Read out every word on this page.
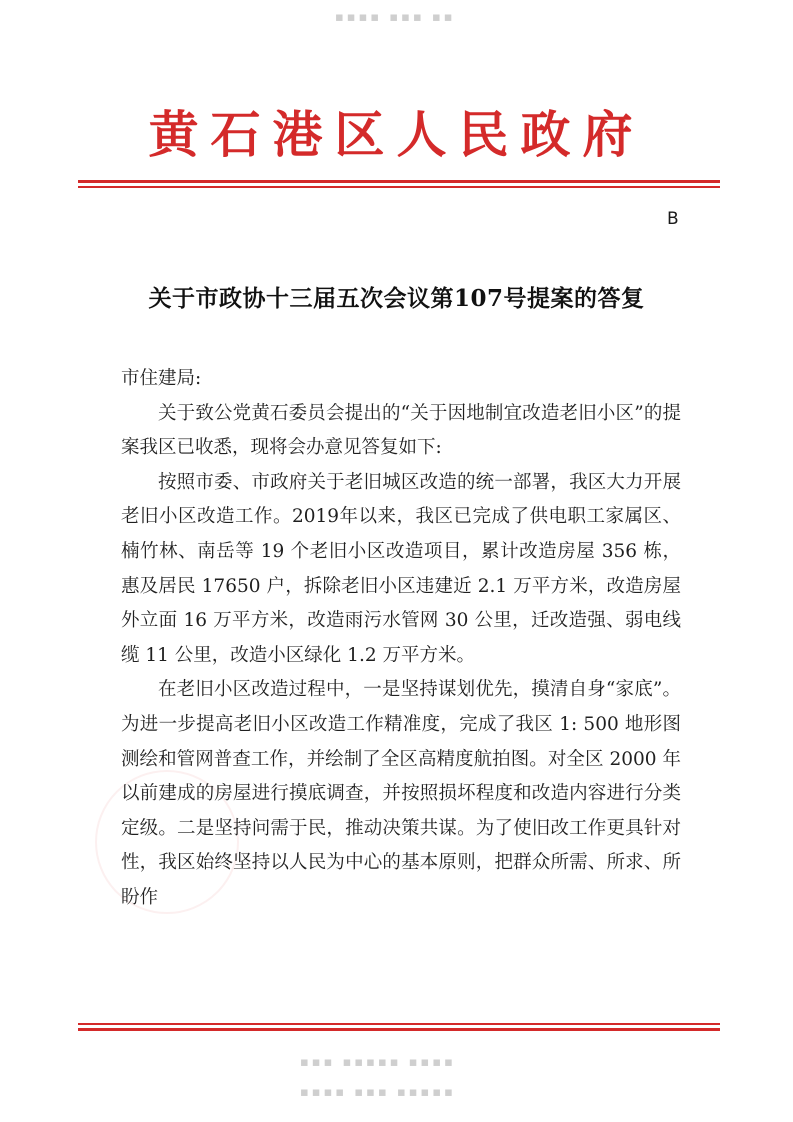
▪▪▪▪ ▪▪▪ ▪▪
黄石港区人民政府
B
关于市政协十三届五次会议第107号提案的答复

市住建局:

关于致公党黄石委员会提出的“关于因地制宜改造老旧小区”的提案我区已收悉，现将会办意见答复如下:

按照市委、市政府关于老旧城区改造的统一部署，我区大力开展老旧小区改造工作。2019年以来，我区已完成了供电职工家属区、楠竹林、南岳等 19 个老旧小区改造项目，累计改造房屋 356 栋，惠及居民 17650 户，拆除老旧小区违建近 2.1 万平方米，改造房屋外立面 16 万平方米，改造雨污水管网 30 公里，迁改造强、弱电线缆 11 公里，改造小区绿化 1.2 万平方米。

在老旧小区改造过程中，一是坚持谋划优先，摸清自身“家底”。为进一步提高老旧小区改造工作精准度，完成了我区 1: 500 地形图测绘和管网普查工作，并绘制了全区高精度航拍图。对全区 2000 年以前建成的房屋进行摸底调查，并按照损坏程度和改造内容进行分类定级。二是坚持问需于民，推动决策共谋。为了使旧改工作更具针对性，我区始终坚持以人民为中心的基本原则，把群众所需、所求、所盼作

▪▪▪ ▪▪▪▪▪ ▪▪▪▪
▪▪▪▪ ▪▪▪ ▪▪▪▪▪
